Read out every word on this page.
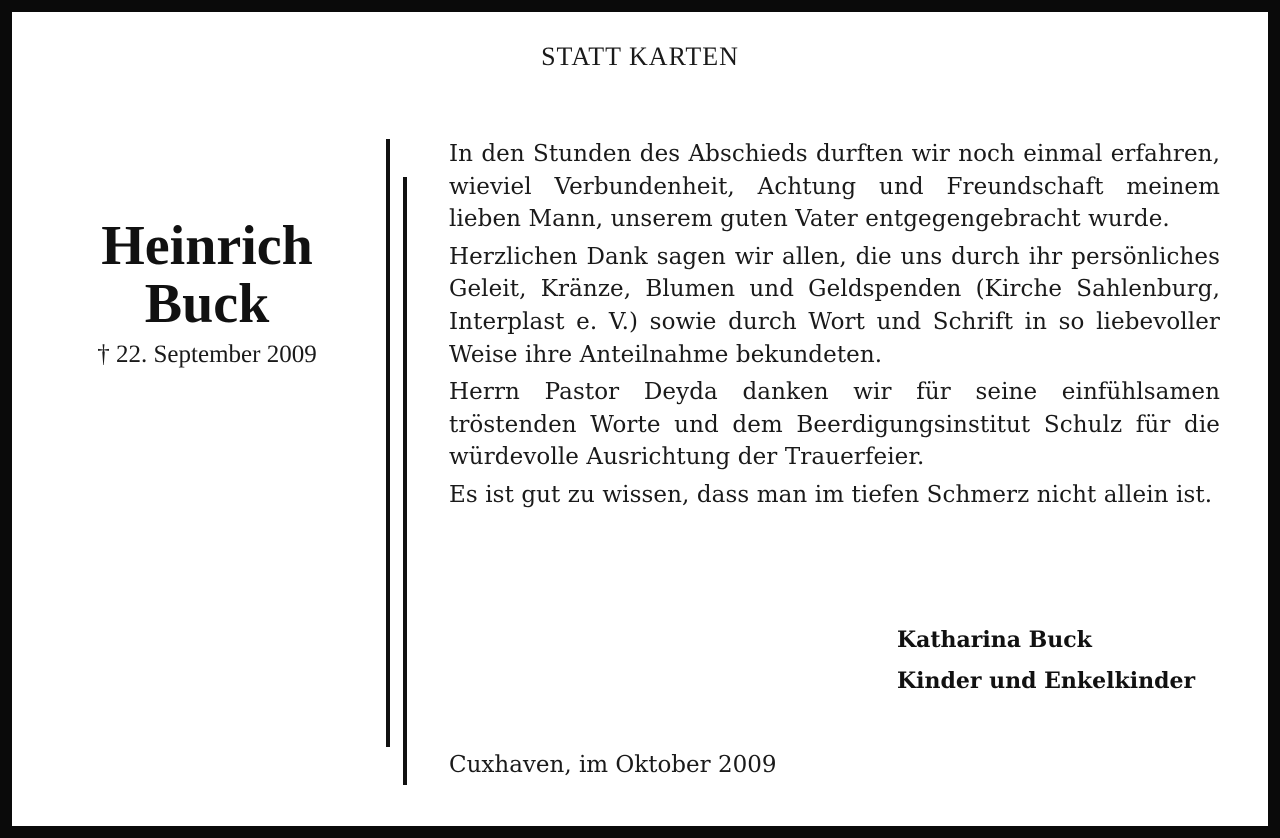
STATT KARTEN
Heinrich
Buck
† 22. September 2009

In den Stunden des Abschieds durften wir noch einmal erfahren, wieviel Verbundenheit, Achtung und Freundschaft meinem lieben Mann, unserem guten Vater entgegengebracht wurde.

Herzlichen Dank sagen wir allen, die uns durch ihr persönliches Geleit, Kränze, Blumen und Geldspenden (Kirche Sahlenburg, Interplast e. V.) sowie durch Wort und Schrift in so liebevoller Weise ihre Anteilnahme bekundeten.

Herrn Pastor Deyda danken wir für seine einfühlsamen tröstenden Worte und dem Beerdigungsinstitut Schulz für die würdevolle Ausrichtung der Trauerfeier.

Es ist gut zu wissen, dass man im tiefen Schmerz nicht allein ist.

Katharina Buck
Kinder und Enkelkinder
Cuxhaven, im Oktober 2009
